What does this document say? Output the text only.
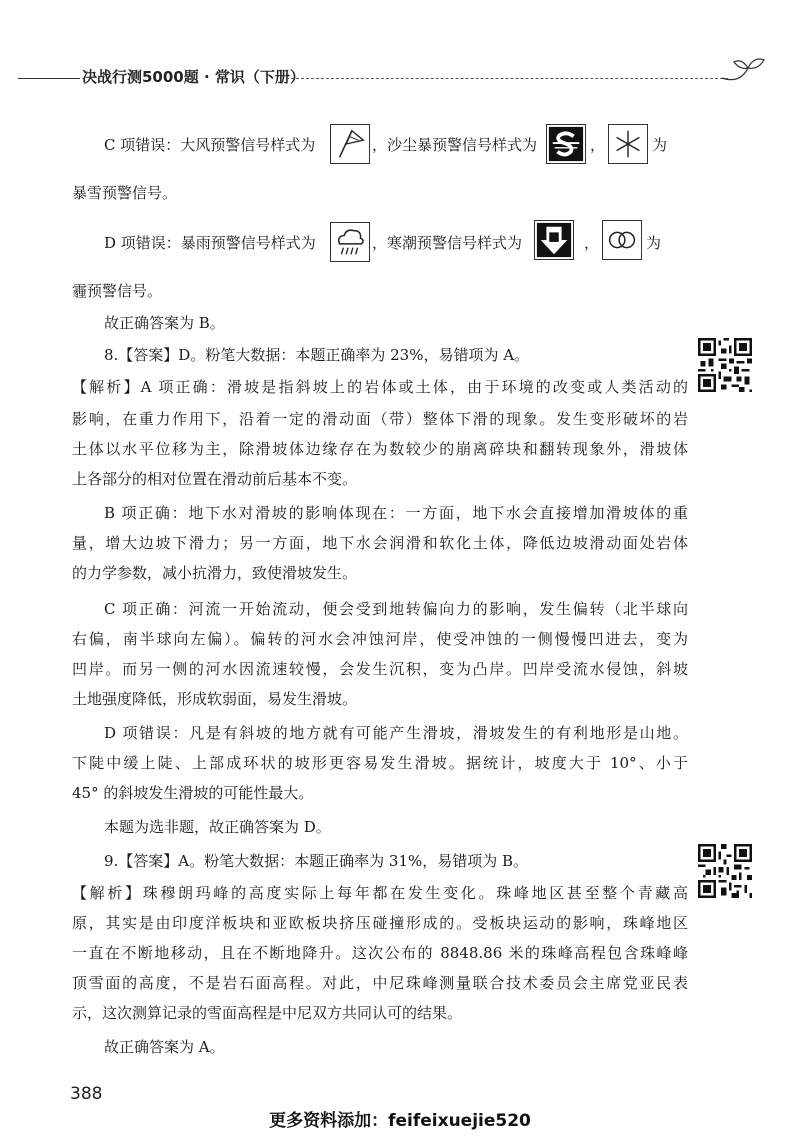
决战行测5000题 · 常识（下册）
C 项错误：大风预警信号样式为	，沙尘暴预警信号样式为	，	为
暴雪预警信号。
D 项错误：暴雨预警信号样式为	，寒潮预警信号样式为	，	为
霾预警信号。
故正确答案为 B。
8.【答案】D。粉笔大数据：本题正确率为 23%，易错项为 A。
【解析】A 项正确：滑坡是指斜坡上的岩体或土体，由于环境的改变或人类活动的
影响，在重力作用下，沿着一定的滑动面（带）整体下滑的现象。发生变形破坏的岩
土体以水平位移为主，除滑坡体边缘存在为数较少的崩离碎块和翻转现象外，滑坡体
上各部分的相对位置在滑动前后基本不变。
B 项正确：地下水对滑坡的影响体现在：一方面，地下水会直接增加滑坡体的重
量，增大边坡下滑力；另一方面，地下水会润滑和软化土体，降低边坡滑动面处岩体
的力学参数，减小抗滑力，致使滑坡发生。
C 项正确：河流一开始流动，便会受到地转偏向力的影响，发生偏转（北半球向
右偏，南半球向左偏）。偏转的河水会冲蚀河岸，使受冲蚀的一侧慢慢凹进去，变为
凹岸。而另一侧的河水因流速较慢，会发生沉积，变为凸岸。凹岸受流水侵蚀，斜坡
土地强度降低，形成软弱面，易发生滑坡。
D 项错误：凡是有斜坡的地方就有可能产生滑坡，滑坡发生的有利地形是山地。
下陡中缓上陡、上部成环状的坡形更容易发生滑坡。据统计，坡度大于 10°、小于
45° 的斜坡发生滑坡的可能性最大。
本题为选非题，故正确答案为 D。
9.【答案】A。粉笔大数据：本题正确率为 31%，易错项为 B。
【解析】珠穆朗玛峰的高度实际上每年都在发生变化。珠峰地区甚至整个青藏高
原，其实是由印度洋板块和亚欧板块挤压碰撞形成的。受板块运动的影响，珠峰地区
一直在不断地移动，且在不断地降升。这次公布的 8848.86 米的珠峰高程包含珠峰峰
顶雪面的高度，不是岩石面高程。对此，中尼珠峰测量联合技术委员会主席党亚民表
示，这次测算记录的雪面高程是中尼双方共同认可的结果。
故正确答案为 A。
388
更多资料添加：feifeixuejie520
